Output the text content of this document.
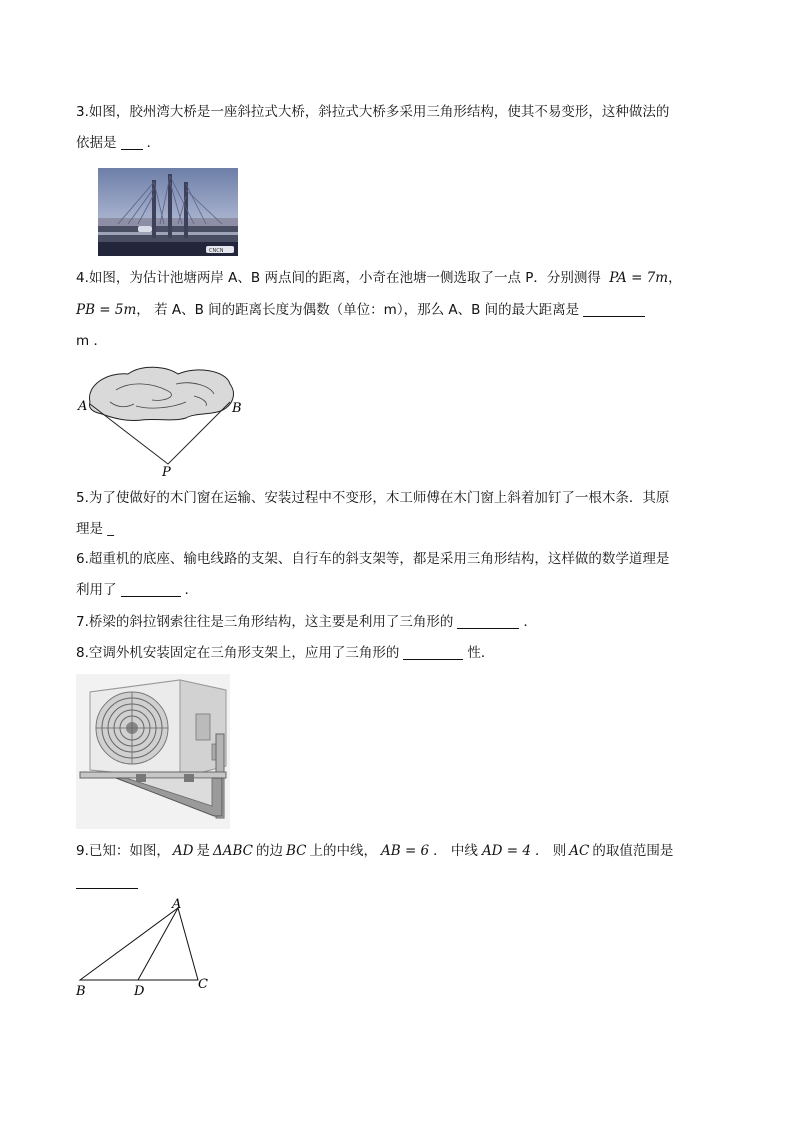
3.如图，胶州湾大桥是一座斜拉式大桥，斜拉式大桥多采用三角形结构，使其不易变形，这种做法的
依据是 .
CNCN
4.如图，为估计池塘两岸 A、B 两点间的距离，小奇在池塘一侧选取了一点 P．分别测得 PA = 7m，
PB = 5m， 若 A、B 间的距离长度为偶数（单位：m），那么 A、B 间的最大距离是
m ．
A	B
P
5.为了使做好的木门窗在运输、安装过程中不变形，木工师傅在木门窗上斜着加钉了一根木条．其原
理是 _
6.超重机的底座、输电线路的支架、自行车的斜支架等，都是采用三角形结构，这样做的数学道理是
利用了	.
7.桥梁的斜拉钢索往往是三角形结构，这主要是利用了三角形的	.
8.空调外机安装固定在三角形支架上，应用了三角形的	性．
9.已知：如图， AD 是 ΔABC 的边 BC 上的中线， AB = 6 ． 中线 AD = 4 ． 则 AC 的取值范围是
A
B	D	C
